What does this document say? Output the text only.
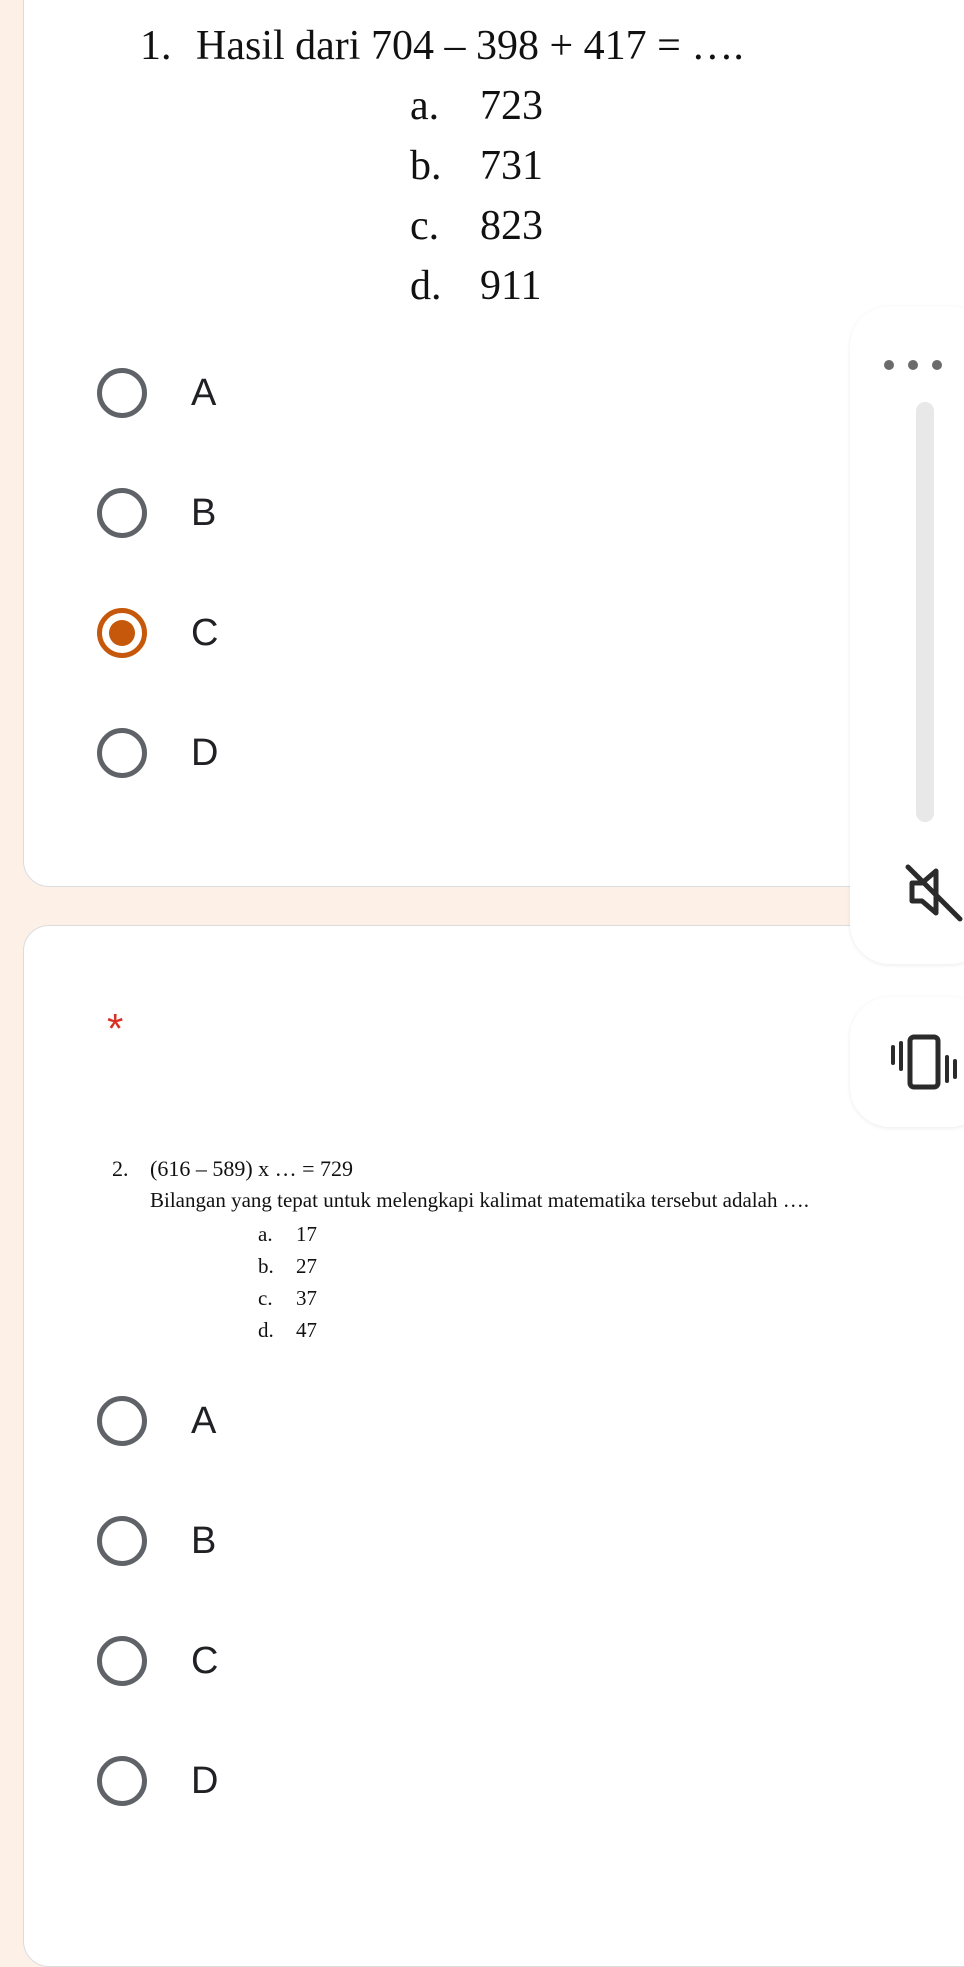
1. Hasil dari 704 – 398 + 417 = ….
a. 723
b. 731
c. 823
d. 911
A
B
C
D
*
2. (616 – 589) x … = 729
Bilangan yang tepat untuk melengkapi kalimat matematika tersebut adalah ….
a. 17
b. 27
c. 37
d. 47
A
B
C
D
